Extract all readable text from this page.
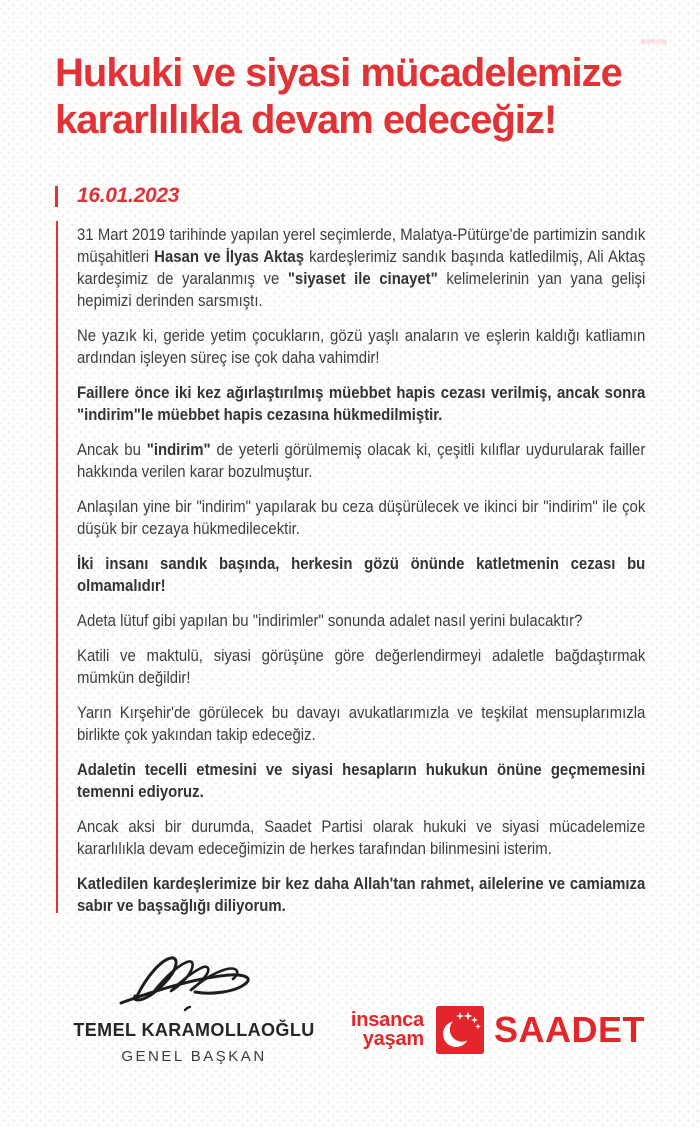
amlıca
Hukuki ve siyasi mücadelemize
kararlılıkla devam edeceğiz!
16.01.2023

31 Mart 2019 tarihinde yapılan yerel seçimlerde, Malatya-Pütürge'de partimizin sandık müşahitleri Hasan ve İlyas Aktaş kardeşlerimiz sandık başında katledilmiş, Ali Aktaş kardeşimiz de yaralanmış ve "siyaset ile cinayet" kelimelerinin yan yana gelişi hepimizi derinden sarsmıştı.

Ne yazık ki, geride yetim çocukların, gözü yaşlı anaların ve eşlerin kaldığı katliamın ardından işleyen süreç ise çok daha vahimdir!

Faillere önce iki kez ağırlaştırılmış müebbet hapis cezası verilmiş, ancak sonra "indirim"le müebbet hapis cezasına hükmedilmiştir.

Ancak bu "indirim" de yeterli görülmemiş olacak ki, çeşitli kılıflar uydurularak failler hakkında verilen karar bozulmuştur.

Anlaşılan yine bir "indirim" yapılarak bu ceza düşürülecek ve ikinci bir "indirim" ile çok düşük bir cezaya hükmedilecektir.

İki insanı sandık başında, herkesin gözü önünde katletmenin cezası bu olmamalıdır!

Adeta lütuf gibi yapılan bu "indirimler" sonunda adalet nasıl yerini bulacaktır?

Katili ve maktulü, siyasi görüşüne göre değerlendirmeyi adaletle bağdaştırmak mümkün değildir!

Yarın Kırşehir'de görülecek bu davayı avukatlarımızla ve teşkilat mensuplarımızla birlikte çok yakından takip edeceğiz.

Adaletin tecelli etmesini ve siyasi hesapların hukukun önüne geçmemesini temenni ediyoruz.

Ancak aksi bir durumda, Saadet Partisi olarak hukuki ve siyasi mücadelemize kararlılıkla devam edeceğimizin de herkes tarafından bilinmesini isterim.

Katledilen kardeşlerimize bir kez daha Allah'tan rahmet, ailelerine ve camiamıza sabır ve başsağlığı diliyorum.

TEMEL KARAMOLLAOĞLU
GENEL BAŞKAN
insanca
yaşam SAADET
